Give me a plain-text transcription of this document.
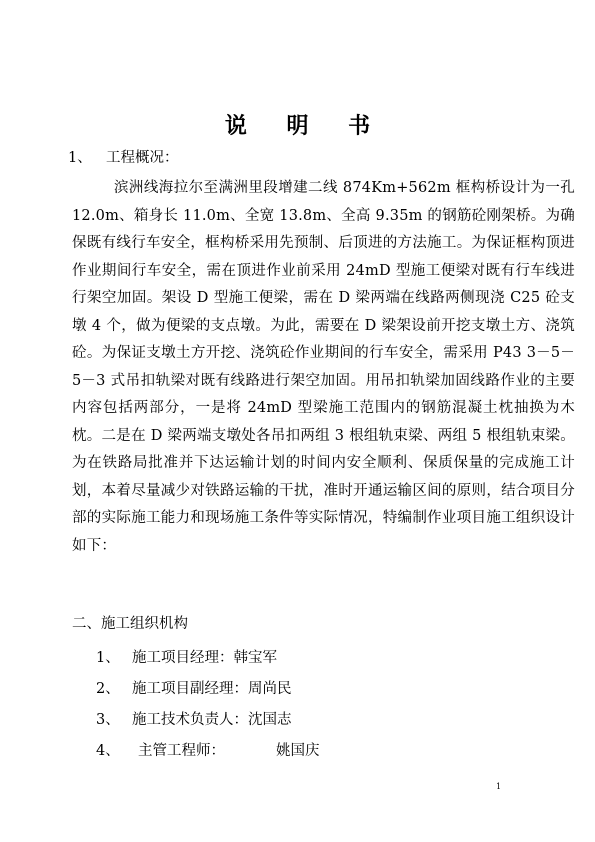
说 明 书
1、 工程概况：

滨洲线海拉尔至满洲里段增建二线 874Km+562m 框构桥设计为一孔 12.0m、箱身长 11.0m、全宽 13.8m、全高 9.35m 的钢筋砼刚架桥。为确保既有线行车安全，框构桥采用先预制、后顶进的方法施工。为保证框构顶进作业期间行车安全，需在顶进作业前采用 24mD 型施工便梁对既有行车线进行架空加固。架设 D 型施工便梁，需在 D 梁两端在线路两侧现浇 C25 砼支墩 4 个，做为便梁的支点墩。为此，需要在 D 梁架设前开挖支墩土方、浇筑砼。为保证支墩土方开挖、浇筑砼作业期间的行车安全，需采用 P43 3－5－5－3 式吊扣轨梁对既有线路进行架空加固。用吊扣轨梁加固线路作业的主要内容包括两部分，一是将 24mD 型梁施工范围内的钢筋混凝土枕抽换为木枕。二是在 D 梁两端支墩处各吊扣两组 3 根组轨束梁、两组 5 根组轨束梁。为在铁路局批准并下达运输计划的时间内安全顺利、保质保量的完成施工计划，本着尽量减少对铁路运输的干扰，准时开通运输区间的原则，结合项目分部的实际施工能力和现场施工条件等实际情况，特编制作业项目施工组织设计如下：

二、施工组织机构
1、 施工项目经理：韩宝军
2、 施工项目副经理：周尚民
3、 施工技术负责人：沈国志
4、 主管工程师：	姚国庆
1
